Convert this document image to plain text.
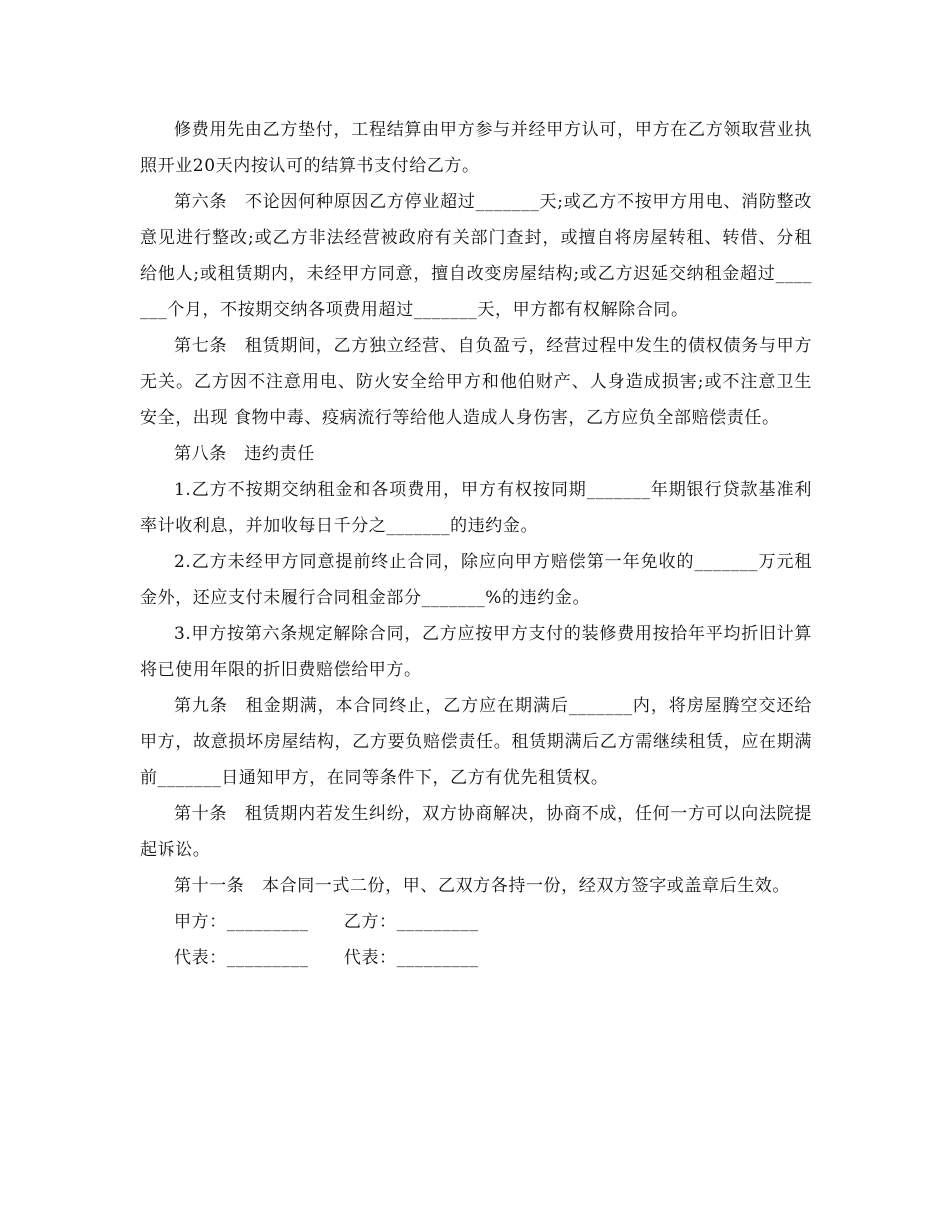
修费用先由乙方垫付，工程结算由甲方参与并经甲方认可，甲方在乙方领取营业执照开业20天内按认可的结算书支付给乙方。

第六条　不论因何种原因乙方停业超过_______天;或乙方不按甲方用电、消防整改意见进行整改;或乙方非法经营被政府有关部门查封，或擅自将房屋转租、转借、分租给他人;或租赁期内，未经甲方同意，擅自改变房屋结构;或乙方迟延交纳租金超过_______个月，不按期交纳各项费用超过_______天，甲方都有权解除合同。

第七条　租赁期间，乙方独立经营、自负盈亏，经营过程中发生的债权债务与甲方无关。乙方因不注意用电、防火安全给甲方和他伯财产、人身造成损害;或不注意卫生安全，出现 食物中毒、疫病流行等给他人造成人身伤害，乙方应负全部赔偿责任。

第八条　违约责任

1.乙方不按期交纳租金和各项费用，甲方有权按同期_______年期银行贷款基准利率计收利息，并加收每日千分之_______的违约金。

2.乙方未经甲方同意提前终止合同，除应向甲方赔偿第一年免收的_______万元租金外，还应支付未履行合同租金部分_______%的违约金。

3.甲方按第六条规定解除合同，乙方应按甲方支付的装修费用按拾年平均折旧计算将已使用年限的折旧费赔偿给甲方。

第九条　租金期满，本合同终止，乙方应在期满后_______内，将房屋腾空交还给甲方，故意损坏房屋结构，乙方要负赔偿责任。租赁期满后乙方需继续租赁，应在期满前_______日通知甲方，在同等条件下，乙方有优先租赁权。

第十条　租赁期内若发生纠纷，双方协商解决，协商不成，任何一方可以向法院提起诉讼。

第十一条　本合同一式二份，甲、乙双方各持一份，经双方签字或盖章后生效。

甲方：_________　　乙方：_________

代表：_________　　代表：_________
